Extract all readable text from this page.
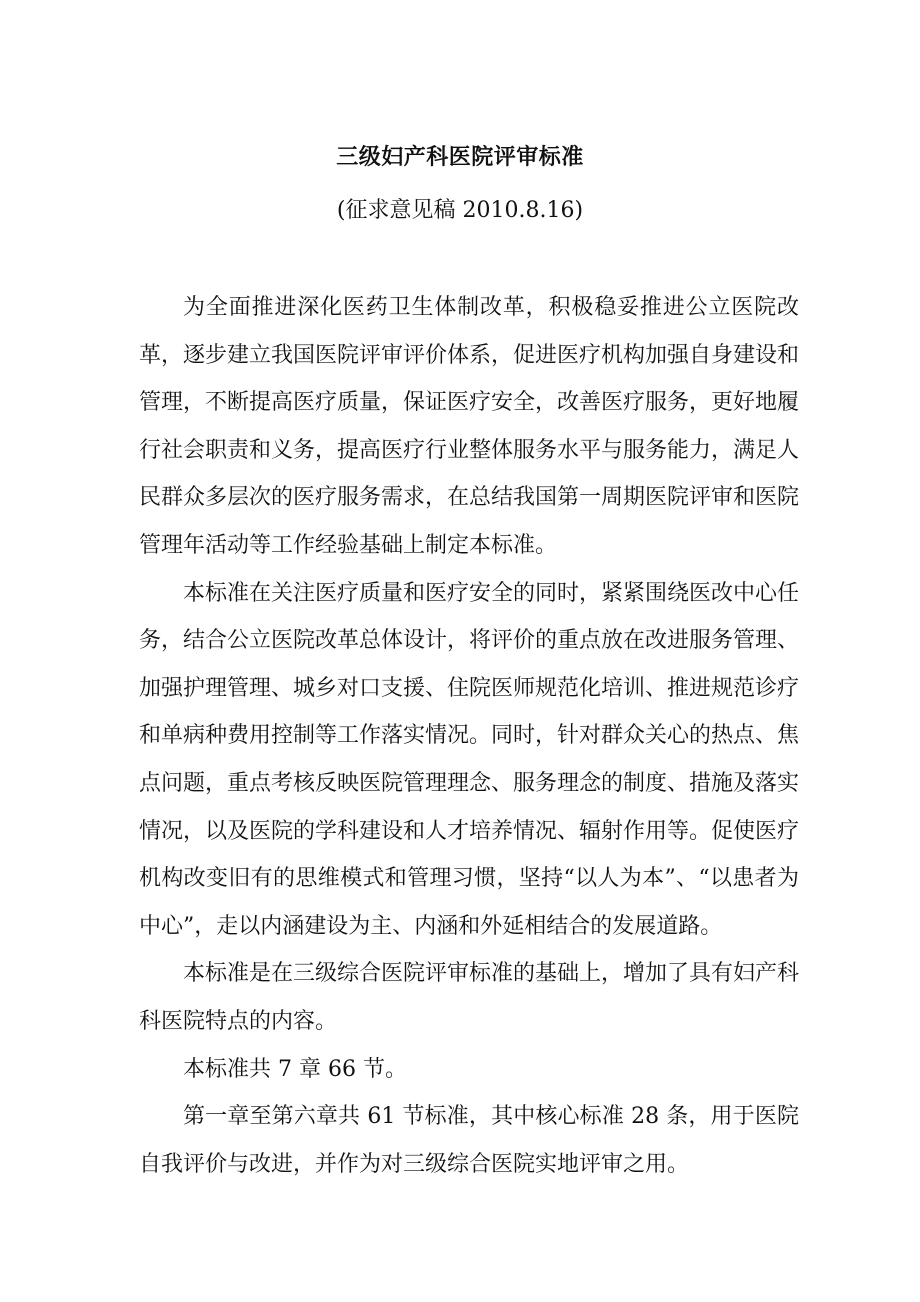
三级妇产科医院评审标准
(征求意见稿 2010.8.16)

为全面推进深化医药卫生体制改革，积极稳妥推进公立医院改革，逐步建立我国医院评审评价体系，促进医疗机构加强自身建设和管理，不断提高医疗质量，保证医疗安全，改善医疗服务，更好地履行社会职责和义务，提高医疗行业整体服务水平与服务能力，满足人民群众多层次的医疗服务需求，在总结我国第一周期医院评审和医院管理年活动等工作经验基础上制定本标准。

本标准在关注医疗质量和医疗安全的同时，紧紧围绕医改中心任务，结合公立医院改革总体设计，将评价的重点放在改进服务管理、加强护理管理、城乡对口支援、住院医师规范化培训、推进规范诊疗和单病种费用控制等工作落实情况。同时，针对群众关心的热点、焦点问题，重点考核反映医院管理理念、服务理念的制度、措施及落实情况，以及医院的学科建设和人才培养情况、辐射作用等。促使医疗机构改变旧有的思维模式和管理习惯，坚持“以人为本”、“以患者为中心”，走以内涵建设为主、内涵和外延相结合的发展道路。

本标准是在三级综合医院评审标准的基础上，增加了具有妇产科科医院特点的内容。

本标准共 7 章 66 节。

第一章至第六章共 61 节标准，其中核心标准 28 条，用于医院自我评价与改进，并作为对三级综合医院实地评审之用。
